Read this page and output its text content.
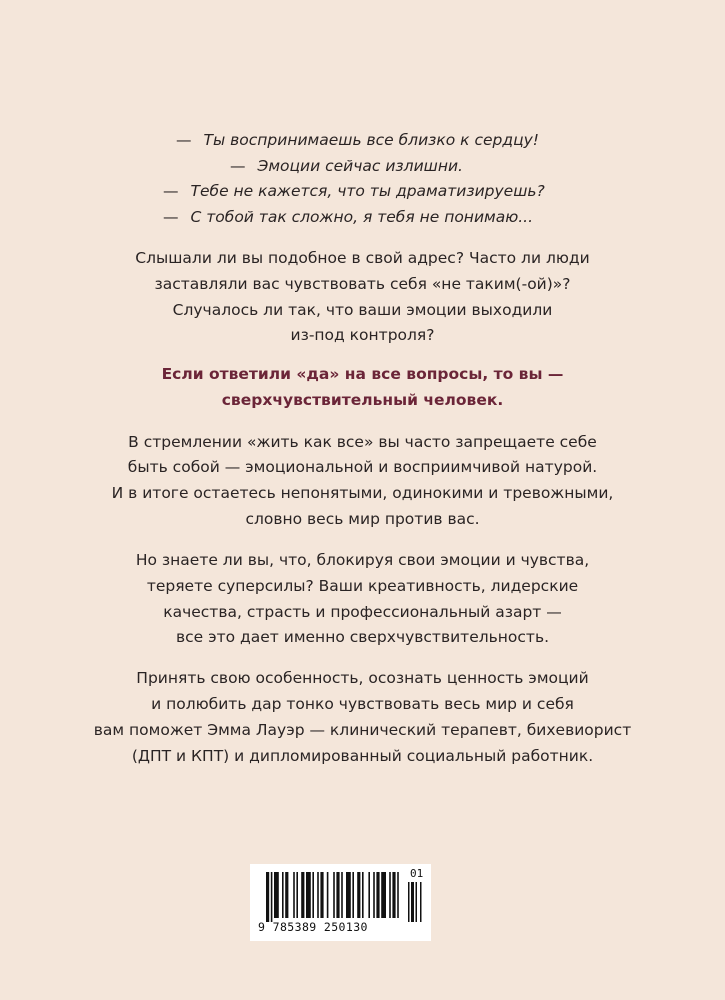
— Ты воспринимаешь все близко к сердцу!
— Эмоции сейчас излишни.
— Тебе не кажется, что ты драматизируешь?
— С тобой так сложно, я тебя не понимаю...
Слышали ли вы подобное в свой адрес? Часто ли люди
заставляли вас чувствовать себя «не таким(-ой)»?
Случалось ли так, что ваши эмоции выходили
из-под контроля?
Если ответили «да» на все вопросы, то вы —
сверхчувствительный человек.
В стремлении «жить как все» вы часто запрещаете себе
быть собой — эмоциональной и восприимчивой натурой.
И в итоге остаетесь непонятыми, одинокими и тревожными,
словно весь мир против вас.
Но знаете ли вы, что, блокируя свои эмоции и чувства,
теряете суперсилы? Ваши креативность, лидерские
качества, страсть и профессиональный азарт —
все это дает именно сверхчувствительность.
Принять свою особенность, осознать ценность эмоций
и полюбить дар тонко чувствовать весь мир и себя
вам поможет Эмма Лауэр — клинический терапевт, бихевиорист
(ДПТ и КПТ) и дипломированный социальный работник.
9 785389 250130
01
